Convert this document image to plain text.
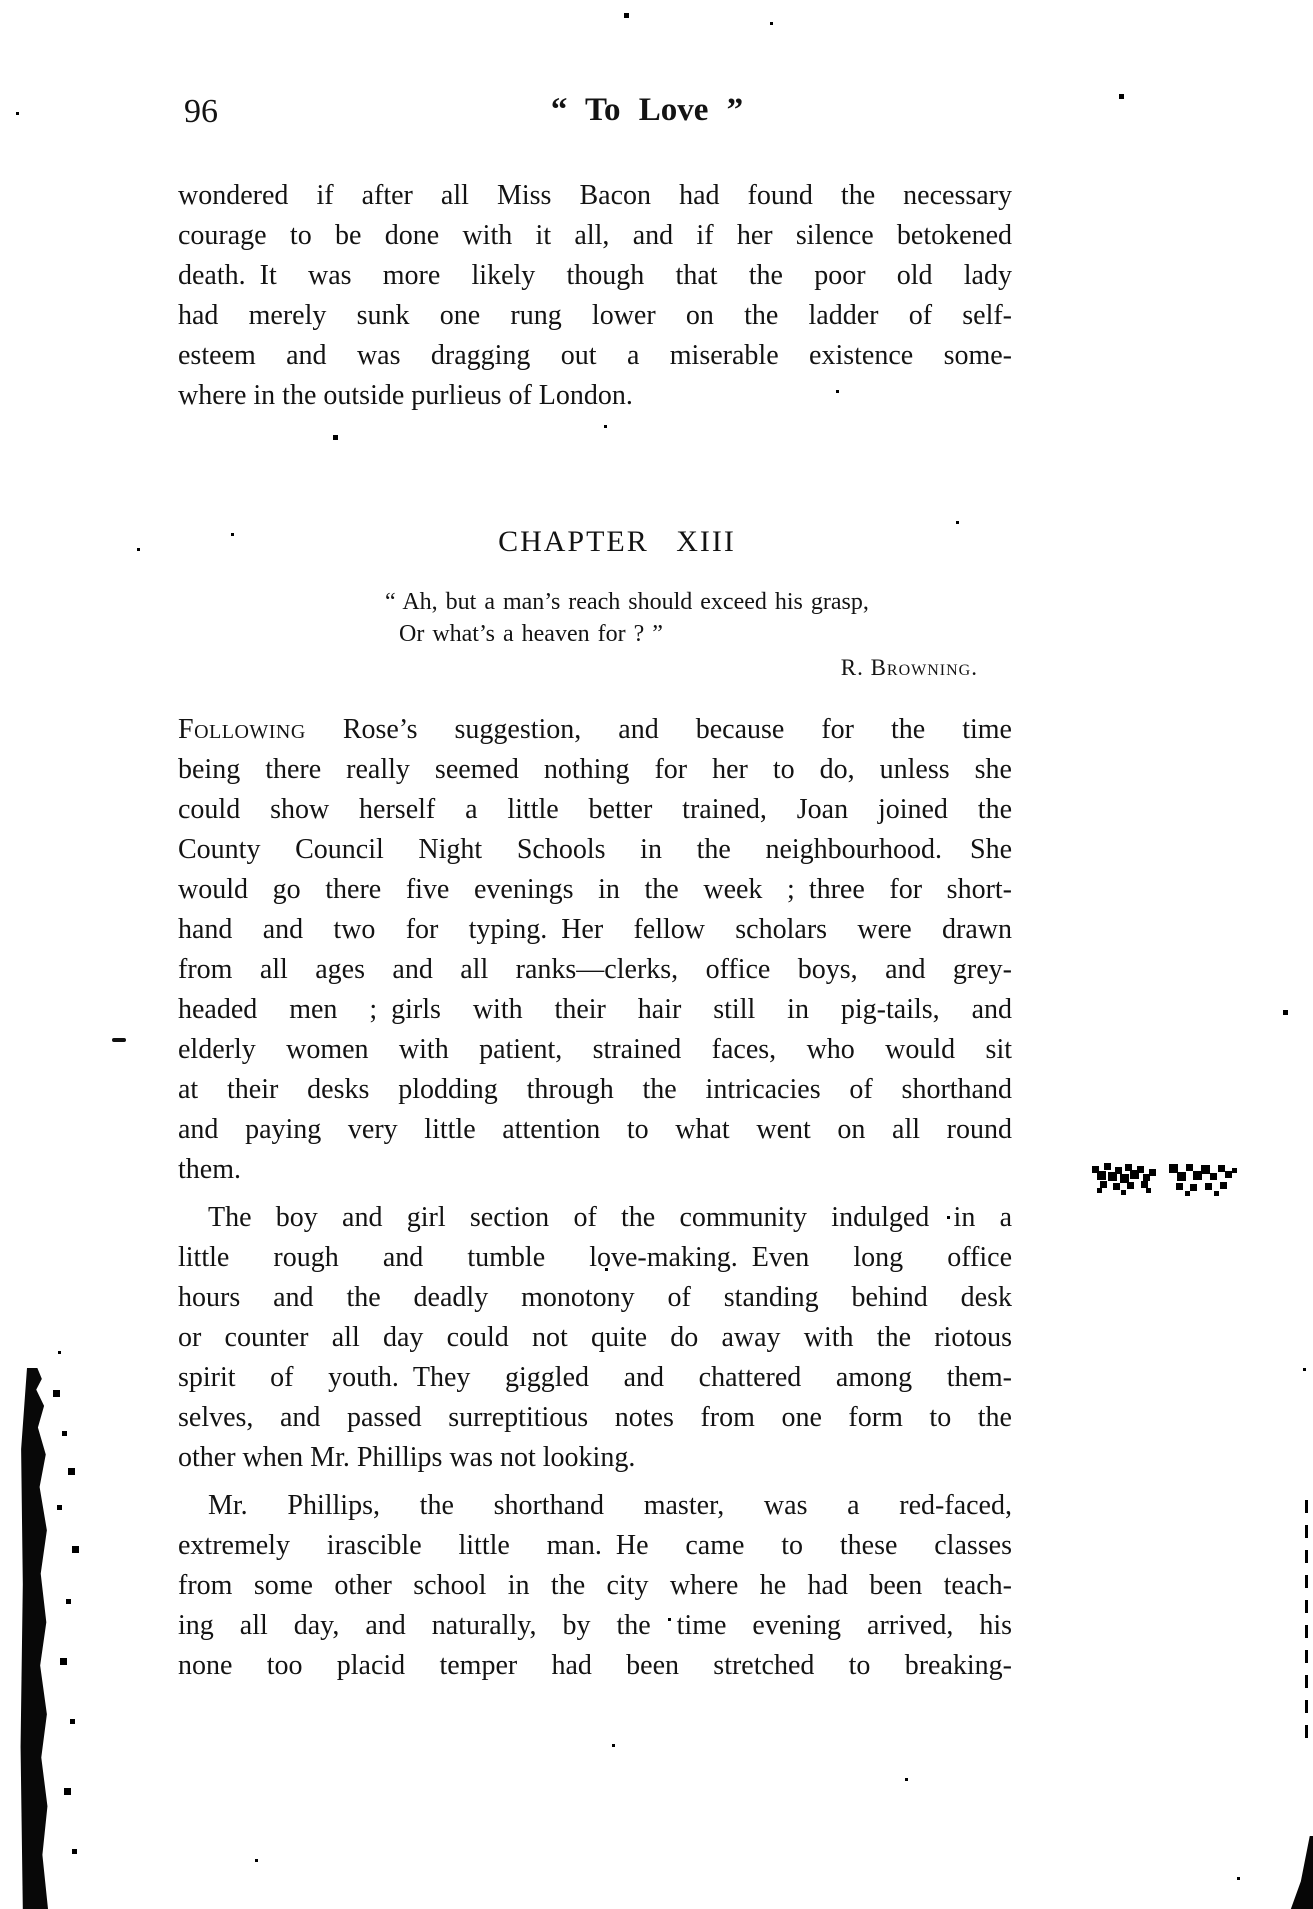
96	“ To Love ”
wondered if after all Miss Bacon had found the necessary
courage to be done with it all, and if her silence betokened
death. It was more likely though that the poor old lady
had merely sunk one rung lower on the ladder of self-
esteem and was dragging out a miserable existence some-
where in the outside purlieus of London.
CHAPTER XIII
“ Ah, but a man’s reach should exceed his grasp,
Or what’s a heaven for ? ”
R. Browning.
Following Rose’s suggestion, and because for the time
being there really seemed nothing for her to do, unless she
could show herself a little better trained, Joan joined the
County Council Night Schools in the neighbourhood.  She
would go there five evenings in the week ; three for short-
hand and two for typing. Her fellow scholars were drawn
from all ages and all ranks—clerks, office boys, and grey-
headed men ; girls with their hair still in pig-tails, and
elderly women with patient, strained faces, who would sit
at their desks plodding through the intricacies of shorthand
and paying very little attention to what went on all round
them.
The boy and girl section of the community indulged in a
little rough and tumble love-making. Even long office
hours and the deadly monotony of standing behind desk
or counter all day could not quite do away with the riotous
spirit of youth. They giggled and chattered among them-
selves, and passed surreptitious notes from one form to the
other when Mr. Phillips was not looking.
Mr. Phillips, the shorthand master, was a red-faced,
extremely irascible little man. He came to these classes
from some other school in the city where he had been teach-
ing all day, and naturally, by the time evening arrived, his
none too placid temper had been stretched to breaking-
